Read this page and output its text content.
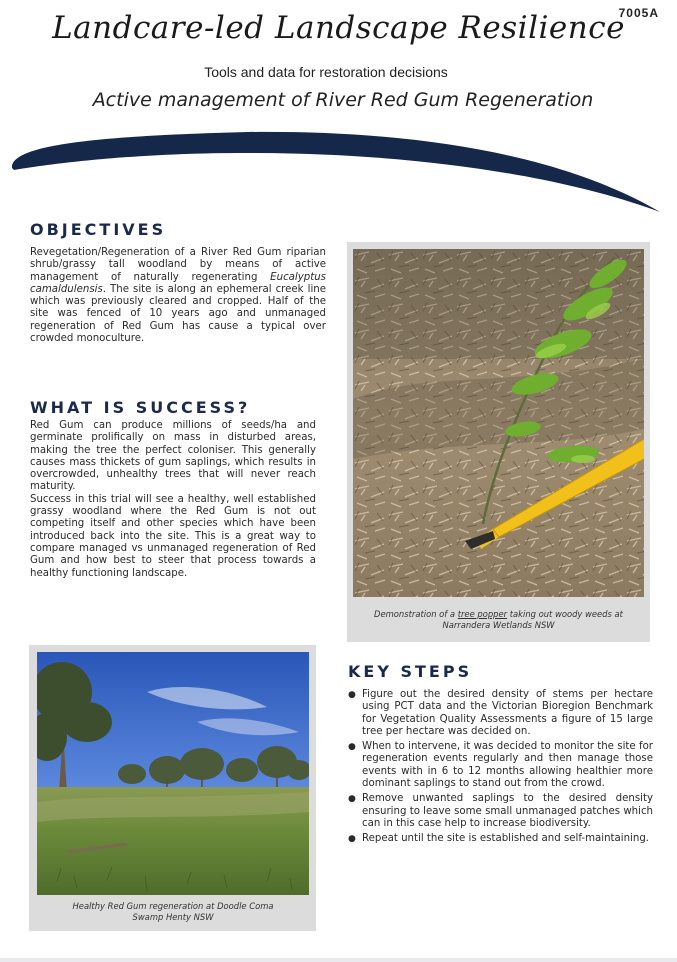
7005A
Landcare-led Landscape Resilience
Tools and data for restoration decisions
Active management of River Red Gum Regeneration
OBJECTIVES
Revegetation/Regeneration of a River Red Gum riparian shrub/grassy tall woodland by means of active management of naturally regenerating Eucalyptus camaldulensis. The site is along an ephemeral creek line which was previously cleared and cropped. Half of the site was fenced of 10 years ago and unmanaged regeneration of Red Gum has cause a typical over crowded monoculture.
WHAT IS SUCCESS?

Red Gum can produce millions of seeds/ha and germinate prolifically on mass in disturbed areas, making the tree the perfect coloniser. This generally causes mass thickets of gum saplings, which results in overcrowded, unhealthy trees that will never reach maturity.

Success in this trial will see a healthy, well established grassy woodland where the Red Gum is not out competing itself and other species which have been introduced back into the site. This is a great way to compare managed vs unmanaged regeneration of Red Gum and how best to steer that process towards a healthy functioning landscape.

Demonstration of a tree popper taking out woody weeds at
Narrandera Wetlands NSW
Healthy Red Gum regeneration at Doodle Coma
Swamp Henty NSW
KEY STEPS
● Figure out the desired density of stems per hectare using PCT data and the Victorian Bioregion Benchmark for Vegetation Quality Assessments a figure of 15 large tree per hectare was decided on.
● When to intervene, it was decided to monitor the site for regeneration events regularly and then manage those events with in 6 to 12 months allowing healthier more dominant saplings to stand out from the crowd.
● Remove unwanted saplings to the desired density ensuring to leave some small unmanaged patches which can in this case help to increase biodiversity.
● Repeat until the site is established and self-maintaining.
